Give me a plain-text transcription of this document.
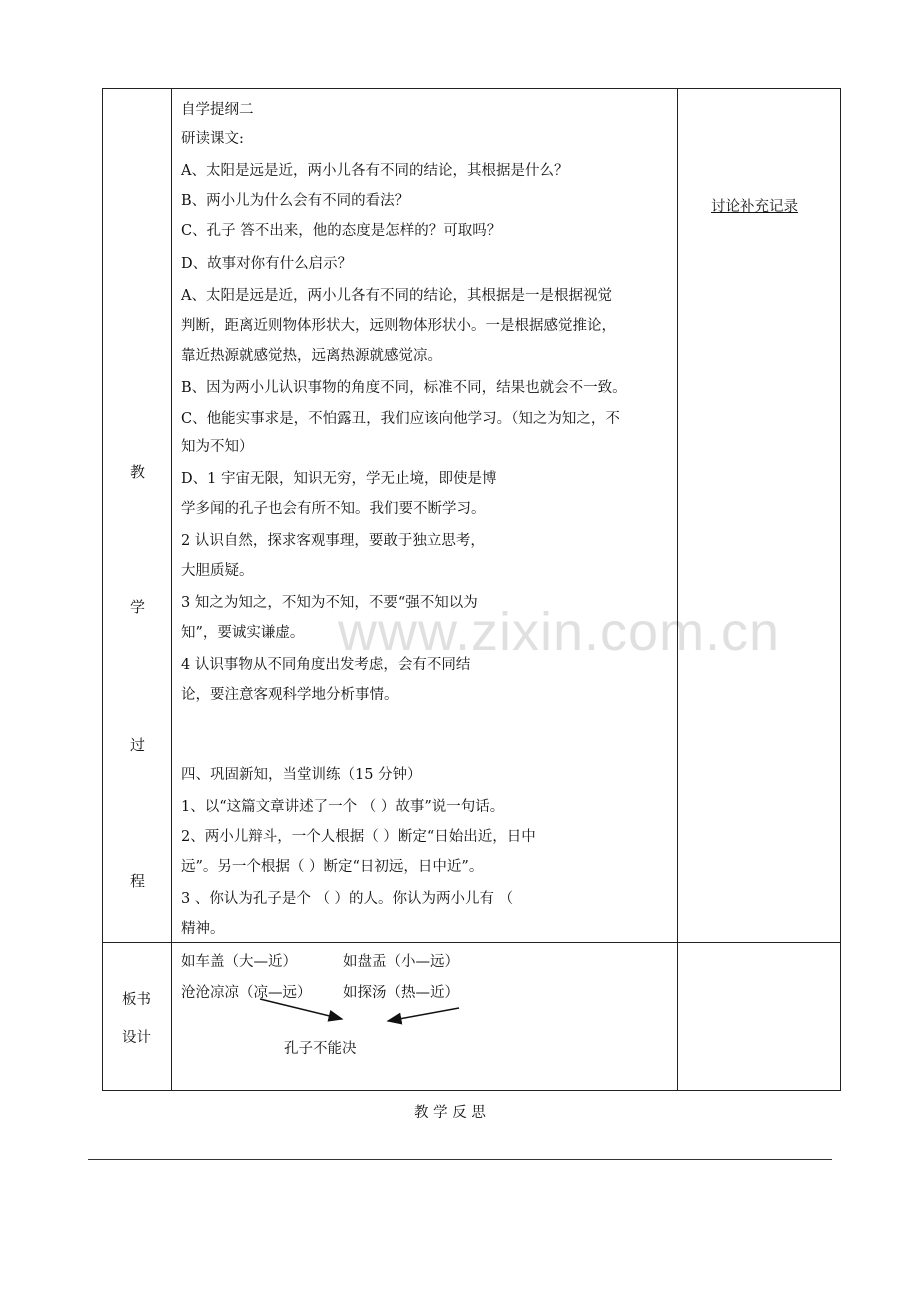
教
学
过
程
板书
设计
讨论补充记录
自学提纲二
研读课文:
A、太阳是远是近，两小儿各有不同的结论，其根据是什么？
B、两小儿为什么会有不同的看法？
C、孔子 答不出来，他的态度是怎样的？可取吗？
D、故事对你有什么启示？
A、太阳是远是近，两小儿各有不同的结论，其根据是一是根据视觉
判断，距离近则物体形状大，远则物体形状小。一是根据感觉推论，
靠近热源就感觉热，远离热源就感觉凉。
B、因为两小儿认识事物的角度不同，标准不同，结果也就会不一致。
C、他能实事求是，不怕露丑，我们应该向他学习。（知之为知之，不
知为不知）
D、1 宇宙无限，知识无穷，学无止境，即使是博
学多闻的孔子也会有所不知。我们要不断学习。
2 认识自然，探求客观事理，要敢于独立思考，
大胆质疑。
3 知之为知之，不知为不知，不要“强不知以为
知”，要诚实谦虚。
4 认识事物从不同角度出发考虑，会有不同结
论，要注意客观科学地分析事情。
四、巩固新知，当堂训练（15 分钟）
1、以“这篇文章讲述了一个 （ ）故事”说一句话。
2、两小儿辩斗，一个人根据（ ）断定“日始出近，日中
远”。另一个根据（ ）断定“日初远，日中近”。
3 、你认为孔子是个 （ ）的人。你认为两小儿有 （
精神。
如车盖（大—近）	如盘盂（小—远）
沧沧凉凉（凉—远） 如探汤（热—近）
孔子不能决
www.zixin.com.cn
教 学 反 思
